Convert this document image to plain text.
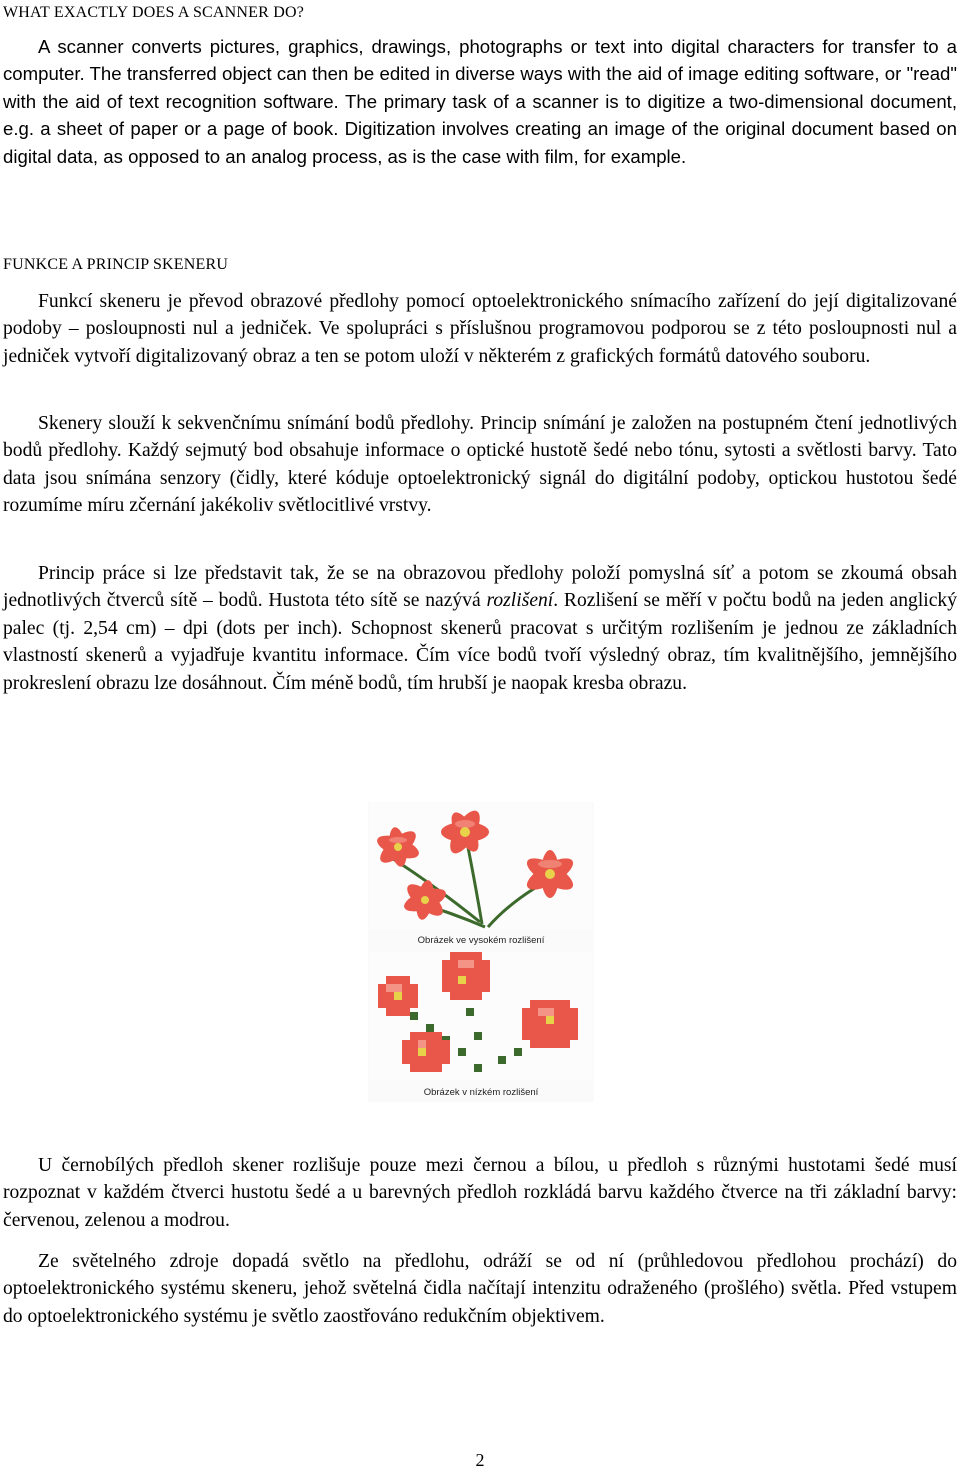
WHAT EXACTLY DOES A SCANNER DO?

A scanner converts pictures, graphics, drawings, photographs or text into digital characters for transfer to a computer. The transferred object can then be edited in diverse ways with the aid of image editing software, or "read" with the aid of text recognition software. The primary task of a scanner is to digitize a two-dimensional document, e.g. a sheet of paper or a page of book. Digitization involves creating an image of the original document based on digital data, as opposed to an analog process, as is the case with film, for example.

FUNKCE A PRINCIP SKENERU

Funkcí skeneru je převod obrazové předlohy pomocí optoelektronického snímacího zařízení do její digitalizované podoby – posloupnosti nul a jedniček. Ve spolupráci s příslušnou programovou podporou se z této posloupnosti nul a jedniček vytvoří digitalizovaný obraz a ten se potom uloží v některém z grafických formátů datového souboru.

Skenery slouží k sekvenčnímu snímání bodů předlohy. Princip snímání je založen na postupném čtení jednotlivých bodů předlohy. Každý sejmutý bod obsahuje informace o optické hustotě šedé nebo tónu, sytosti a světlosti barvy. Tato data jsou snímána senzory (čidly, které kóduje optoelektronický signál do digitální podoby, optickou hustotou šedé rozumíme míru zčernání jakékoliv světlocitlivé vrstvy.

Princip práce si lze představit tak, že se na obrazovou předlohy položí pomyslná síť a potom se zkoumá obsah jednotlivých čtverců sítě – bodů. Hustota této sítě se nazývá rozlišení. Rozlišení se měří v počtu bodů na jeden anglický palec (tj. 2,54 cm) – dpi (dots per inch). Schopnost skenerů pracovat s určitým rozlišením je jednou ze základních vlastností skenerů a vyjadřuje kvantitu informace. Čím více bodů tvoří výsledný obraz, tím kvalitnějšího, jemnějšího prokreslení obrazu lze dosáhnout. Čím méně bodů, tím hrubší je naopak kresba obrazu.

Obrázek ve vysokém rozlišení
Obrázek v nízkém rozlišení

U černobílých předloh skener rozlišuje pouze mezi černou a bílou, u předloh s různými hustotami šedé musí rozpoznat v každém čtverci hustotu šedé a u barevných předloh rozkládá barvu každého čtverce na tři základní barvy: červenou, zelenou a modrou.

Ze světelného zdroje dopadá světlo na předlohu, odráží se od ní (průhledovou předlohou prochází) do optoelektronického systému skeneru, jehož světelná čidla načítají intenzitu odraženého (prošlého) světla. Před vstupem do optoelektronického systému je světlo zaostřováno redukčním objektivem.

2
